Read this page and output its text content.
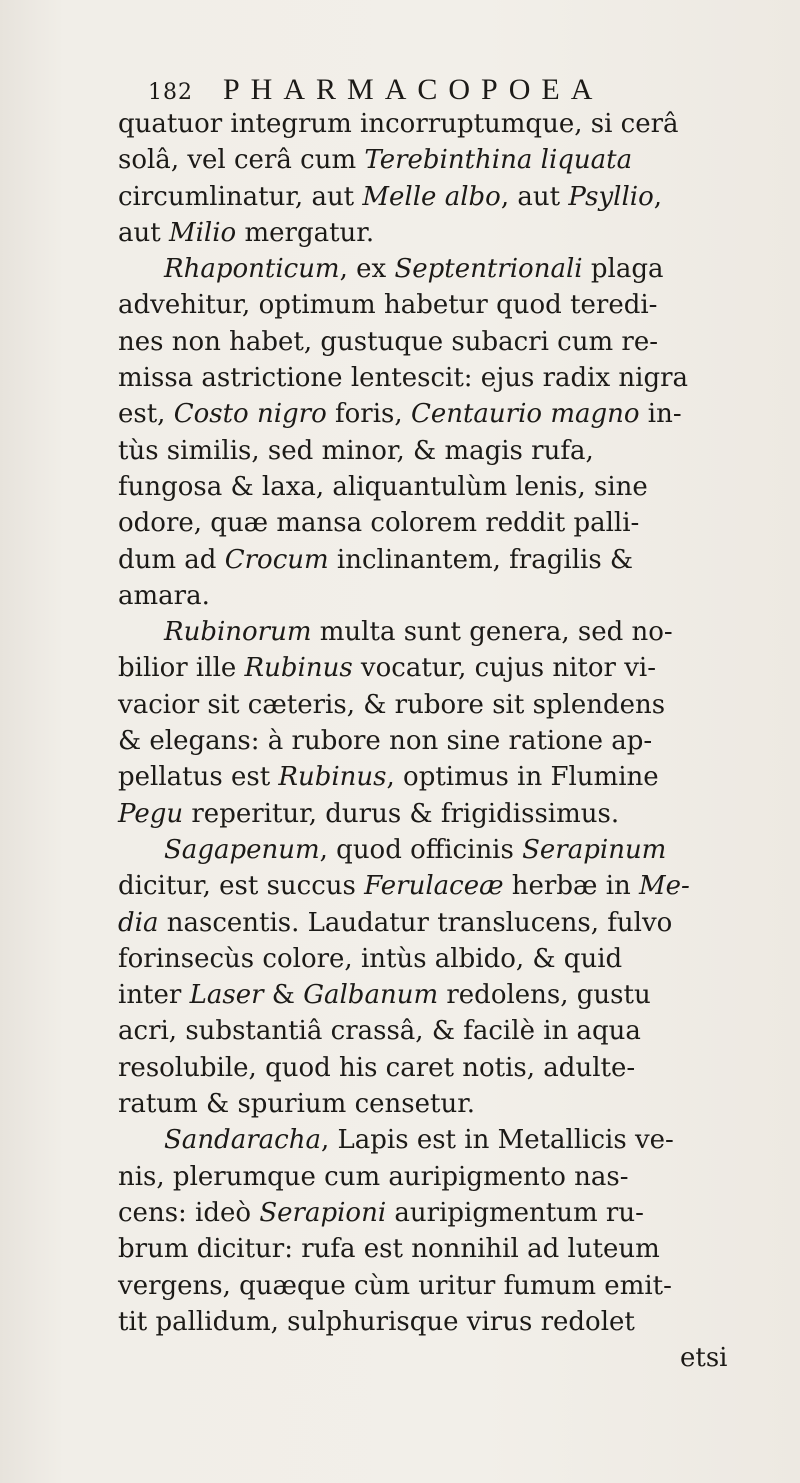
182 PHARMACOPOEA
quatuor integrum incorruptumque, si cerâ
solâ, vel cerâ cum Terebinthina liquata
circumlinatur, aut Melle albo, aut Psyllio,
aut Milio mergatur.
Rhaponticum, ex Septentrionali plaga
advehitur, optimum habetur quod teredi-
nes non habet, gustuque subacri cum re-
missa astrictione lentescit: ejus radix nigra
est, Costo nigro foris, Centaurio magno in-
tùs similis, sed minor, & magis rufa,
fungosa & laxa, aliquantulùm lenis, sine
odore, quæ mansa colorem reddit palli-
dum ad Crocum inclinantem, fragilis &
amara.
Rubinorum multa sunt genera, sed no-
bilior ille Rubinus vocatur, cujus nitor vi-
vacior sit cæteris, & rubore sit splendens
& elegans: à rubore non sine ratione ap-
pellatus est Rubinus, optimus in Flumine
Pegu reperitur, durus & frigidissimus.
Sagapenum, quod officinis Serapinum
dicitur, est succus Ferulaceæ herbæ in Me-
dia nascentis. Laudatur translucens, fulvo
forinsecùs colore, intùs albido, & quid
inter Laser & Galbanum redolens, gustu
acri, substantiâ crassâ, & facilè in aqua
resolubile, quod his caret notis, adulte-
ratum & spurium censetur.
Sandaracha, Lapis est in Metallicis ve-
nis, plerumque cum auripigmento nas-
cens: ideò Serapioni auripigmentum ru-
brum dicitur: rufa est nonnihil ad luteum
vergens, quæque cùm uritur fumum emit-
tit pallidum, sulphurisque virus redolet
etsi
